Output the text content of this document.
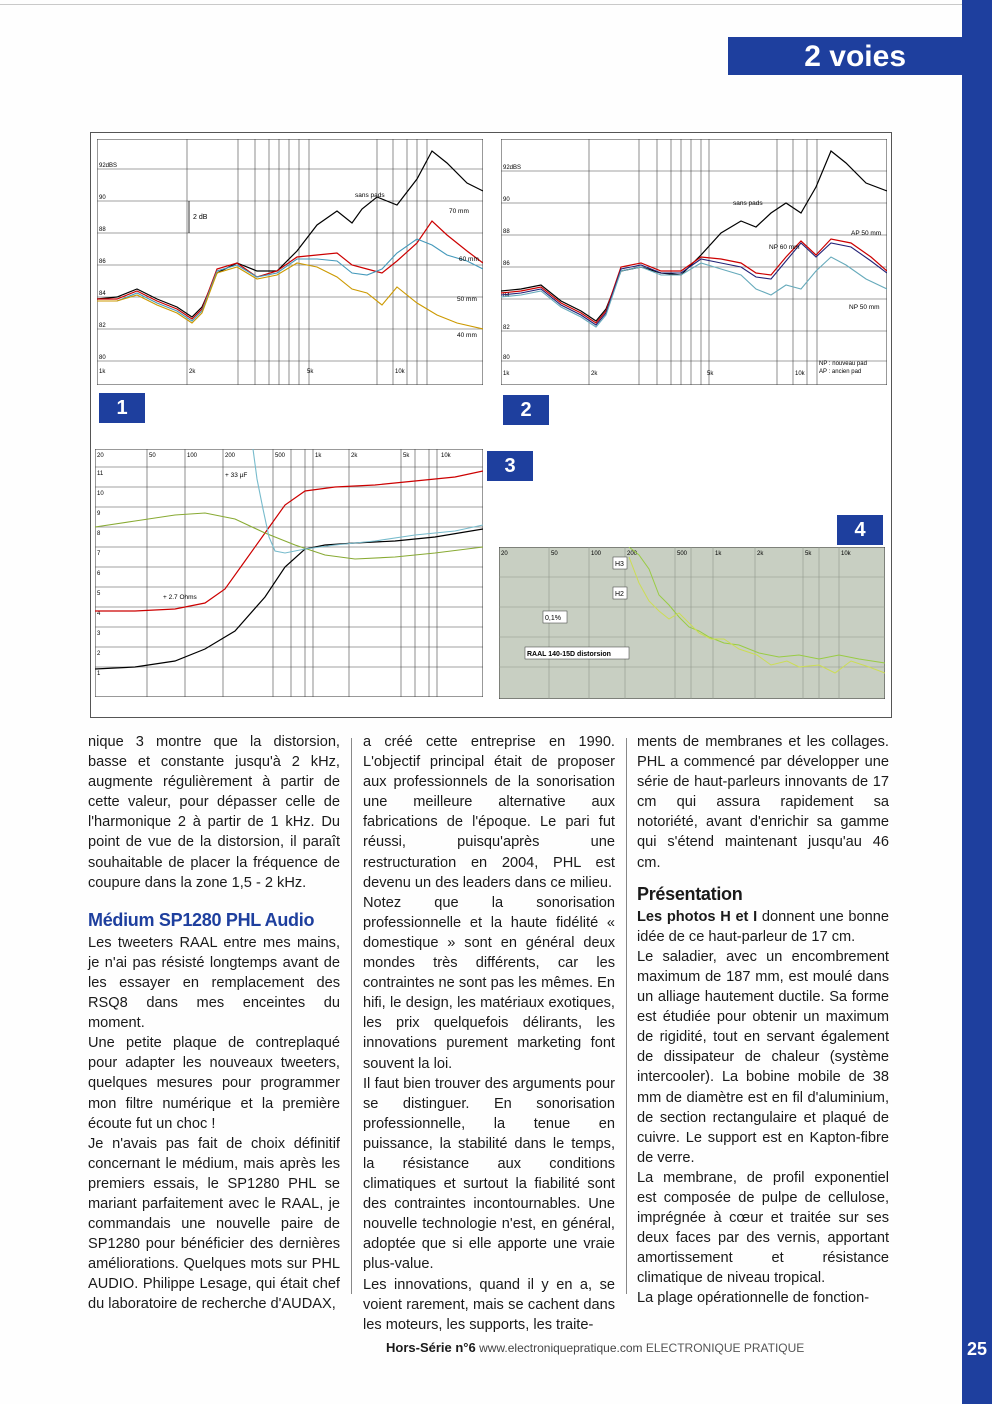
2 voies
92dBS
90
88
86
84
82
80
1k	2k	5k	10k
2 dB
sans pads
70 mm
60 mm
50 mm
40 mm
1
92dBS
90
88
86
84
82
80
1k	2k	5k	10k
sans pads
AP 50 mm
NP 60 mm
NP 50 mm
NP : nouveau pad
AP : ancien pad
2
20
11
10
9
8
7
6
5
4
3
2
1
50	100	200	500	1k	2k	5k	10k
+ 33 µF
+ 2.7 Ohms
3
4
20	50	100	200	500	1k	2k	5k	10k
H3
H2
0,1%
RAAL 140-15D distorsion

nique 3 montre que la distorsion, basse et constante jusqu'à 2 kHz, augmente régulièrement à partir de cette valeur, pour dépasser celle de l'harmonique 2 à partir de 1 kHz. Du point de vue de la distorsion, il paraît souhaitable de placer la fréquence de coupure dans la zone 1,5 - 2 kHz.

Médium SP1280 PHL Audio

Les tweeters RAAL entre mes mains, je n'ai pas résisté longtemps avant de les essayer en remplacement des RSQ8 dans mes enceintes du moment.

Une petite plaque de contreplaqué pour adapter les nouveaux tweeters, quelques mesures pour programmer mon filtre numérique et la première écoute fut un choc !

Je n'avais pas fait de choix définitif concernant le médium, mais après les premiers essais, le SP1280 PHL se mariant parfaitement avec le RAAL, je commandais une nouvelle paire de SP1280 pour bénéficier des dernières améliorations. Quelques mots sur PHL AUDIO. Philippe Lesage, qui était chef du laboratoire de recherche d'AUDAX,

a créé cette entreprise en 1990. L'objectif principal était de proposer aux professionnels de la sonorisation une meilleure alternative aux fabrications de l'époque. Le pari fut réussi, puisqu'après une restructuration en 2004, PHL est devenu un des leaders dans ce milieu.

Notez que la sonorisation professionnelle et la haute fidélité « domestique » sont en général deux mondes très différents, car les contraintes ne sont pas les mêmes. En hifi, le design, les matériaux exotiques, les prix quelquefois délirants, les innovations purement marketing font souvent la loi.

Il faut bien trouver des arguments pour se distinguer. En sonorisation professionnelle, la tenue en puissance, la stabilité dans le temps, la résistance aux conditions climatiques et surtout la fiabilité sont des contraintes incontournables. Une nouvelle technologie n'est, en général, adoptée que si elle apporte une vraie plus-value.

Les innovations, quand il y en a, se voient rarement, mais se cachent dans les moteurs, les supports, les traite-

ments de membranes et les collages. PHL a commencé par développer une série de haut-parleurs innovants de 17 cm qui assura rapidement sa notoriété, avant d'enrichir sa gamme qui s'étend maintenant jusqu'au 46 cm.

Présentation

Les photos H et I donnent une bonne idée de ce haut-parleur de 17 cm.

Le saladier, avec un encombrement maximum de 187 mm, est moulé dans un alliage hautement ductile. Sa forme est étudiée pour obtenir un maximum de rigidité, tout en servant également de dissipateur de chaleur (système intercooler). La bobine mobile de 38 mm de diamètre est en fil d'aluminium, de section rectangulaire et plaqué de cuivre. Le support est en Kapton-fibre de verre.

La membrane, de profil exponentiel est composée de pulpe de cellulose, imprégnée à cœur et traitée sur ses deux faces par des vernis, apportant amortissement et résistance climatique de niveau tropical.

La plage opérationnelle de fonction-

Hors-Série n°6 www.electroniquepratique.com ELECTRONIQUE PRATIQUE	25
